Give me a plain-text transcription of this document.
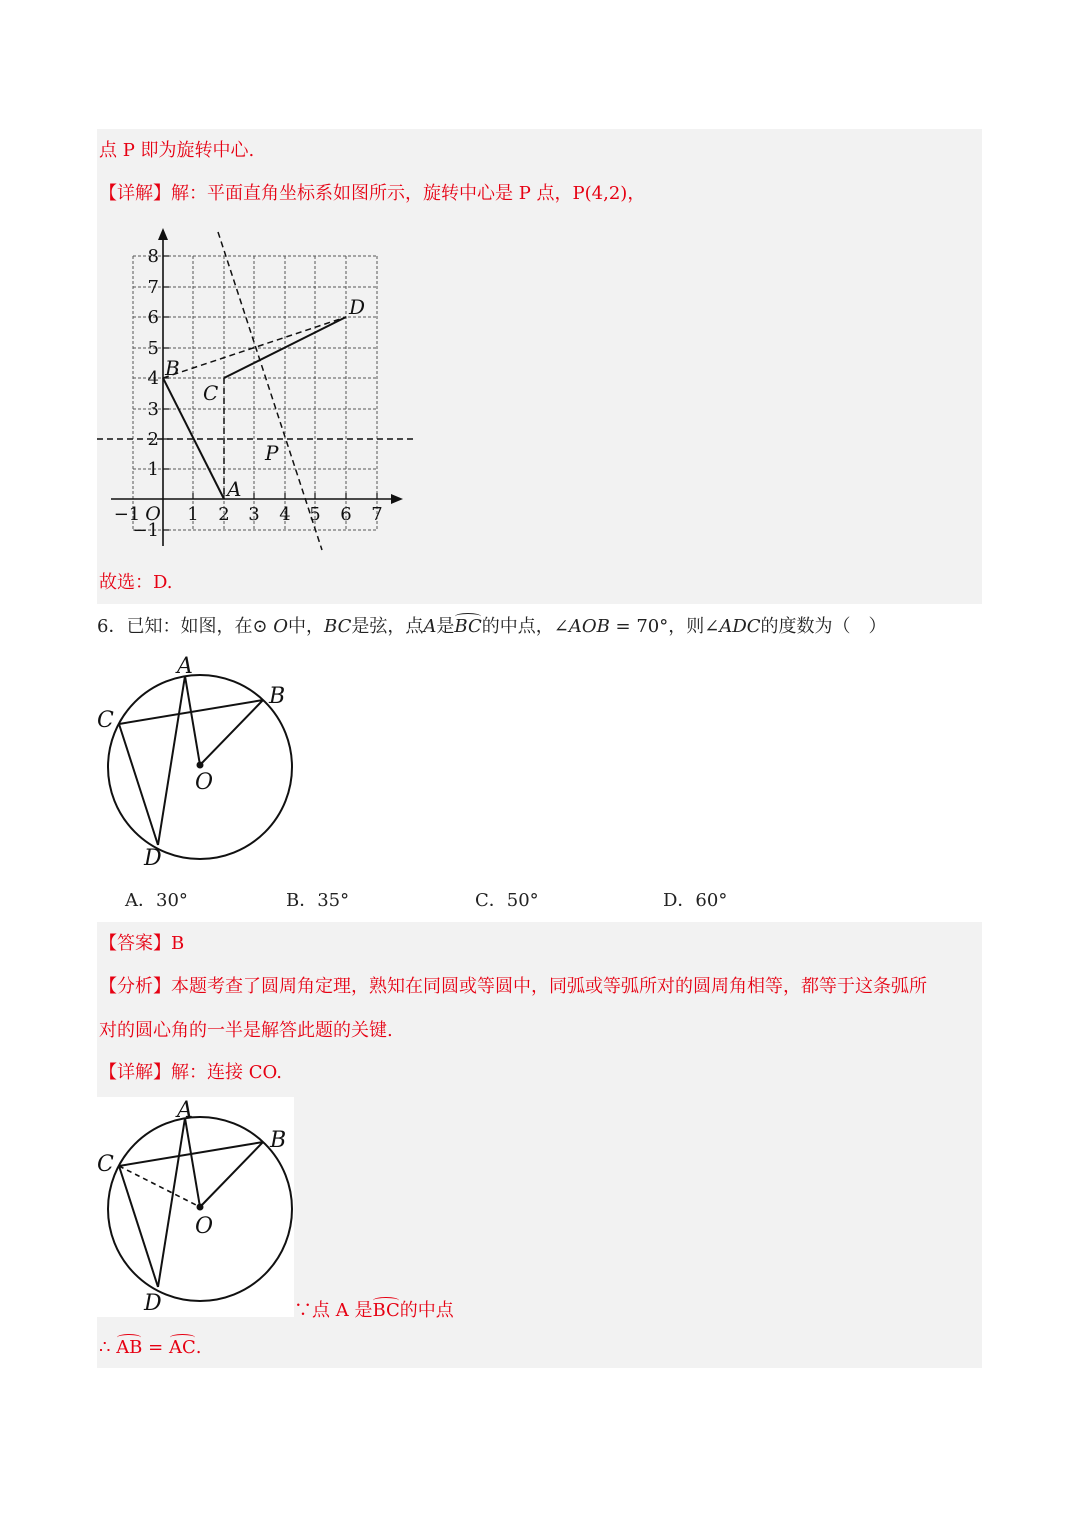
点 P 即为旋转中心.
【详解】解：平面直角坐标系如图所示，旋转中心是 P 点，P(4,2)，
8
7
6
5
4
3
2
1
−1
−1	1 2 3 4 5 6 7
O
B
C
D
A
P
故选：D.
6．已知：如图，在⊙ O中，BC是弦，点A是BC的中点，∠AOB = 70°，则∠ADC的度数为（　）
A
B
C
D
O
A．30°	B．35°	C．50°	D．60°
【答案】B
【分析】本题考查了圆周角定理，熟知在同圆或等圆中，同弧或等弧所对的圆周角相等，都等于这条弧所
对的圆心角的一半是解答此题的关键.
【详解】解：连接 CO.
A
B
C
D
O
∵点 A 是BC的中点
∴ AB = AC.
